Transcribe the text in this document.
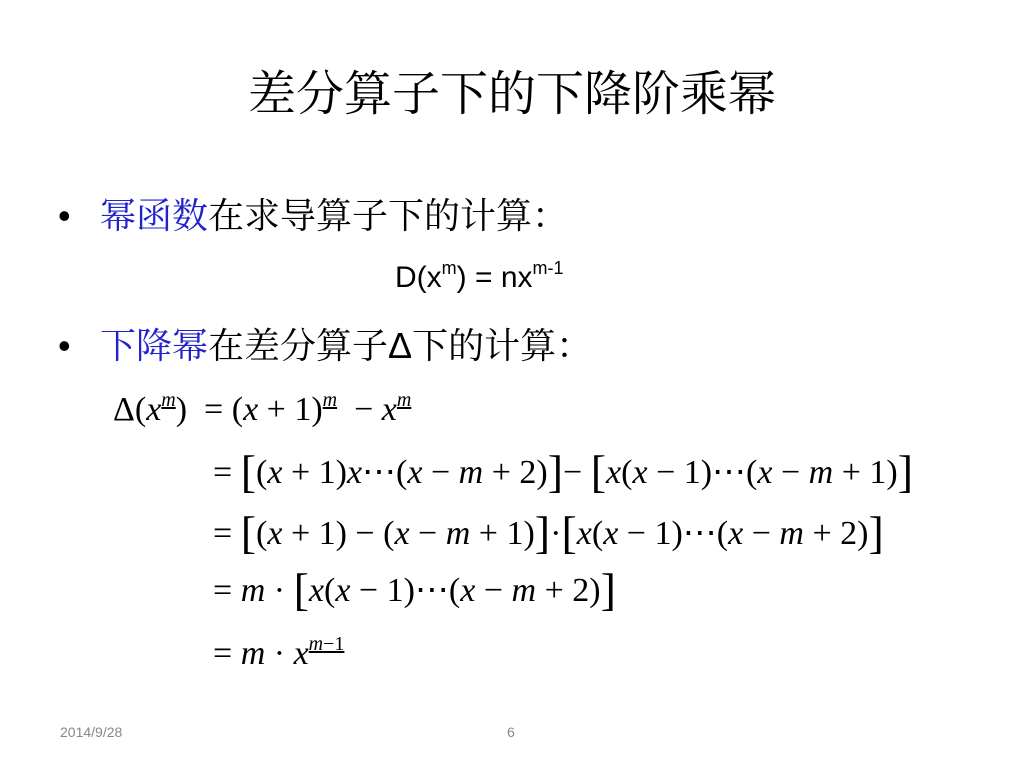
差分算子下的下降阶乘幂
• 幂函数在求导算子下的计算：
$D(x^m) = nx^{m-1}$
• 下降幂在差分算子Δ下的计算：
$\Delta(x^m) = (x + 1)^m - x^m$
= [(x + 1)x⋯(x − m + 2)]− [x(x − 1)⋯(x − m + 1)]
= [(x + 1) − (x − m + 1)]·[x(x − 1)⋯(x − m + 2)]
= m · [x(x − 1)⋯(x − m + 2)]
= $m \cdot x^{m-1}$
2014/9/28	6
